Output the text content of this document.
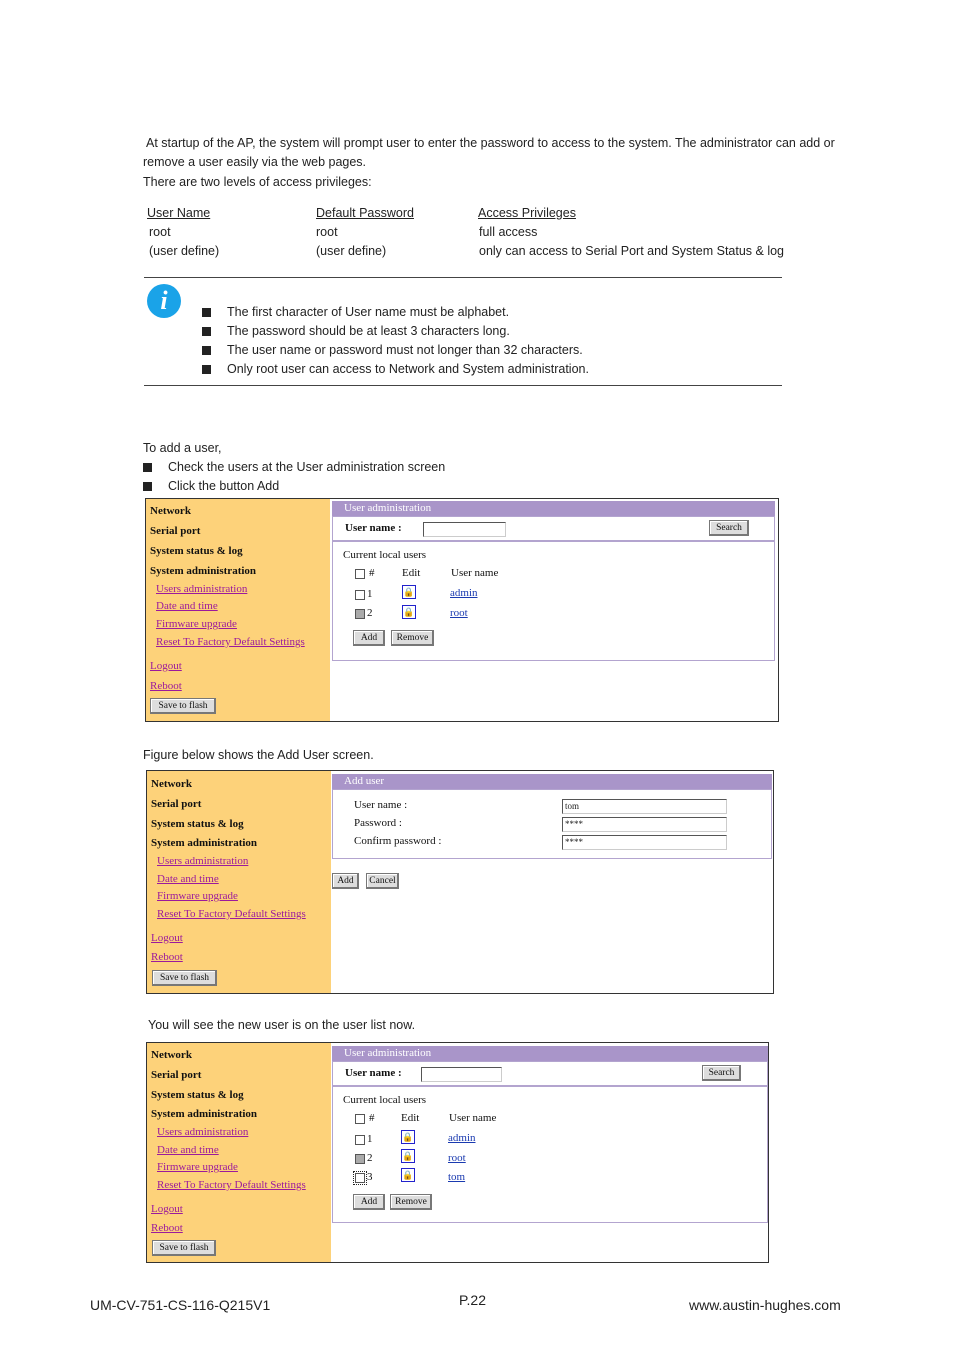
At startup of the AP, the system will prompt user to enter the password to access to the system. The administrator can add or

remove a user easily via the web pages.

There are two levels of access privileges:

User Name	Default Password	Access Privileges
root	root	full access
(user define)	(user define)	only can access to Serial Port and System Status & log
i	The first character of User name must be alphabet.
The password should be at least 3 characters long.
The user name or password must not longer than 32 characters.
Only root user can access to Network and System administration.

To add a user,

Check the users at the User administration screen
Click the button Add
Network
Serial port
System status & log
System administration
Users administration
Date and time
Firmware upgrade
Reset To Factory Default Settings
Logout
Reboot
Save to flash
User administration
User name :	Search
Current local users
#	Edit	User name
1	🔒	admin
2	🔒	root
Add	Remove

Figure below shows the Add User screen.

Network
Serial port
System status & log
System administration
Users administration
Date and time
Firmware upgrade
Reset To Factory Default Settings
Logout
Reboot
Save to flash
Add user
User name :	tom
Password :	****
Confirm password :	****
Add	Cancel

You will see the new user is on the user list now.

Network
Serial port
System status & log
System administration
Users administration
Date and time
Firmware upgrade
Reset To Factory Default Settings
Logout
Reboot
Save to flash
User administration
User name :	Search
Current local users
# Edit	User name
1	🔒	admin
2	🔒	root
3	🔒	tom
Add	Remove
UM-CV-751-CS-116-Q215V1	P.22	www.austin-hughes.com
